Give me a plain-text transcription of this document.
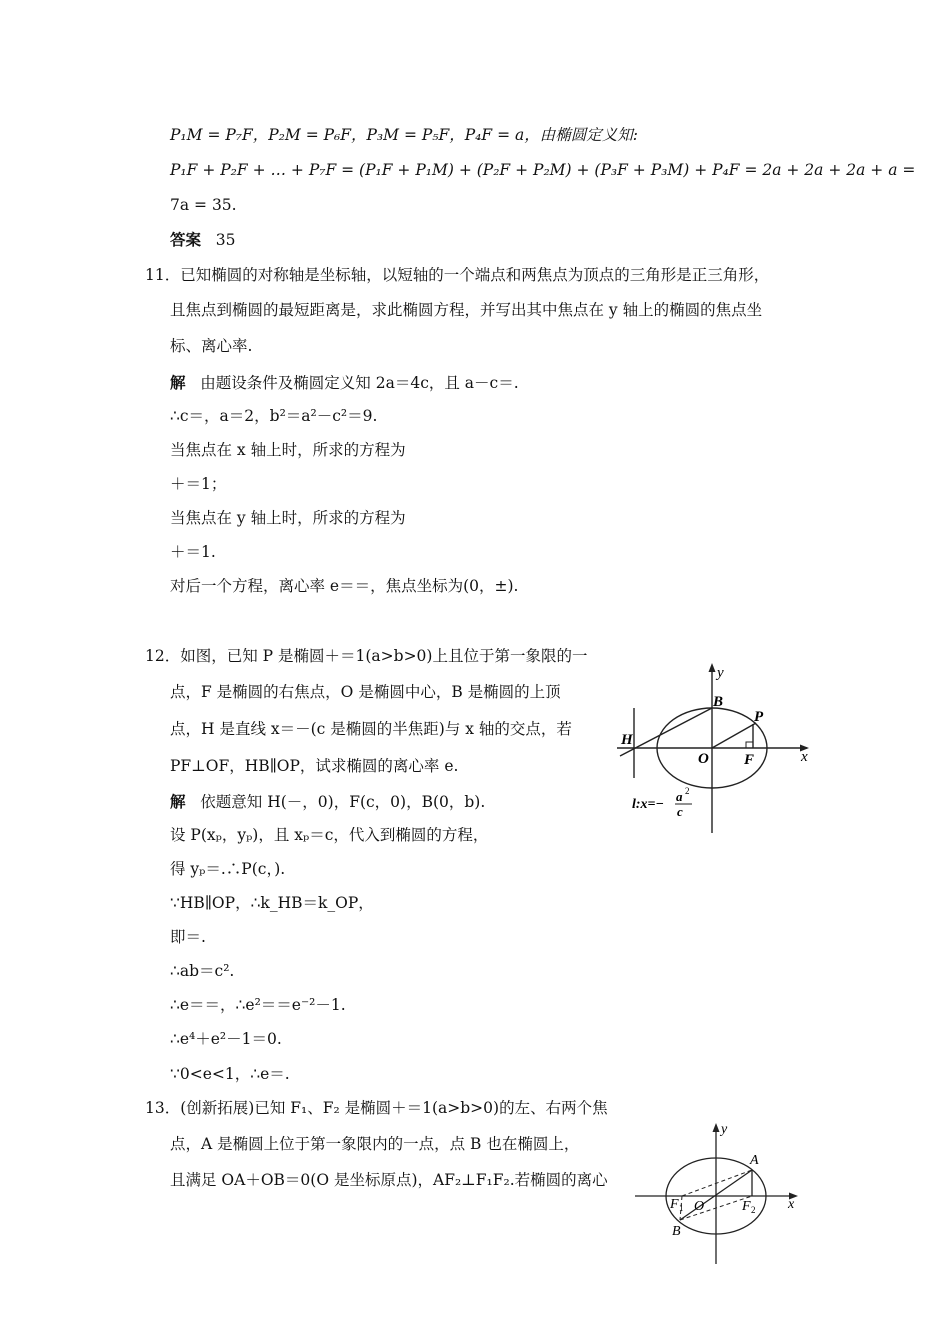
P₁M = P₇F，P₂M = P₆F，P₃M = P₅F，P₄F = a，由椭圆定义知:
P₁F + P₂F + … + P₇F = (P₁F + P₁M) + (P₂F + P₂M) + (P₃F + P₃M) + P₄F = 2a + 2a + 2a + a =
7a = 35.
答案 35
11．已知椭圆的对称轴是坐标轴，以短轴的一个端点和两焦点为顶点的三角形是正三角形，
且焦点到椭圆的最短距离是，求此椭圆方程，并写出其中焦点在 y 轴上的椭圆的焦点坐
标、离心率.
解 由题设条件及椭圆定义知 2a＝4c，且 a－c＝.
∴c＝，a＝2，b²＝a²－c²＝9.
当焦点在 x 轴上时，所求的方程为
＋＝1；
当焦点在 y 轴上时，所求的方程为
＋＝1.
对后一个方程，离心率 e＝＝，焦点坐标为(0，±).
12．如图，已知 P 是椭圆＋＝1(a>b>0)上且位于第一象限的一
点，F 是椭圆的右焦点，O 是椭圆中心，B 是椭圆的上顶
点，H 是直线 x＝－(c 是椭圆的半焦距)与 x 轴的交点，若
PF⊥OF，HB∥OP，试求椭圆的离心率 e.
解 依题意知 H(－，0)，F(c，0)，B(0，b).
设 P(xₚ，yₚ)，且 xₚ＝c，代入到椭圆的方程，
得 yₚ＝.∴P(c，).
∵HB∥OP，∴k_HB＝k_OP，
即＝.
∴ab＝c².
∴e＝＝，∴e²＝＝e⁻²－1.
∴e⁴＋e²－1＝0.
∵0<e<1，∴e＝.
13．(创新拓展)已知 F₁、F₂ 是椭圆＋＝1(a>b>0)的左、右两个焦
点，A 是椭圆上位于第一象限内的一点，点 B 也在椭圆上，
且满足 OA＋OB＝0(O 是坐标原点)，AF₂⊥F₁F₂.若椭圆的离心
y
B
P
H
O F	x
l:x=−
a 2
c
y
A
F 1 O	F 2 x
B
